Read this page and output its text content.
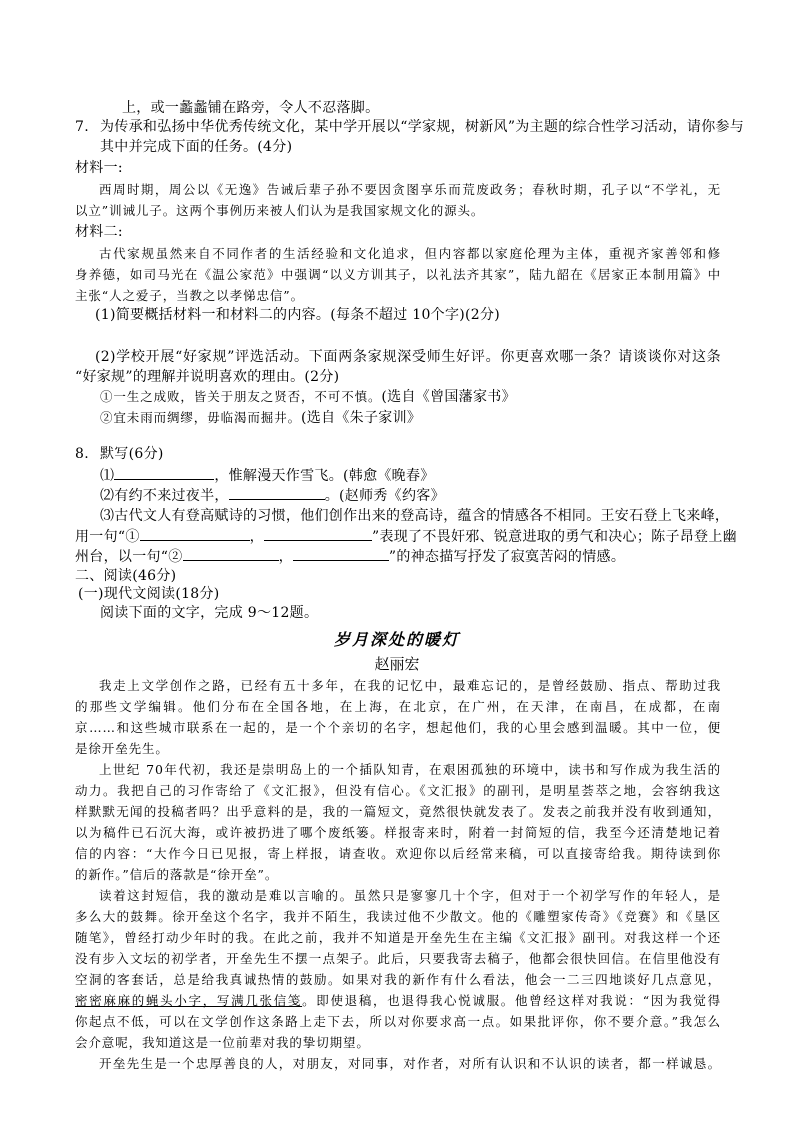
上，或一蠡蠡铺在路旁，令人不忍落脚。
7. 为传承和弘扬中华优秀传统文化，某中学开展以“学家规，树新风”为主题的综合性学习活动，请你参与
其中并完成下面的任务。(4分)
材料一:
西周时期，周公以《无逸》告诫后辈子孙不要因贪图享乐而荒废政务；春秋时期，孔子以“不学礼，无
以立”训诫儿子。这两个事例历来被人们认为是我国家规文化的源头。
材料二:
古代家规虽然来自不同作者的生活经验和文化追求，但内容都以家庭伦理为主体，重视齐家善邻和修
身养德，如司马光在《温公家范》中强调“以义方训其子，以礼法齐其家”，陆九韶在《居家正本制用篇》中
主张“人之爱子，当教之以孝悌忠信”。
(1)简要概括材料一和材料二的内容。(每条不超过 10个字)(2分)
(2)学校开展“好家规”评选活动。下面两条家规深受师生好评。你更喜欢哪一条？请谈谈你对这条
“好家规”的理解并说明喜欢的理由。(2分)
①一生之成败，皆关于朋友之贤否，不可不慎。(选自《曾国藩家书》
②宜未雨而绸缪，毋临渴而掘井。(选自《朱子家训》
8. 默写(6分)
⑴	，惟解漫天作雪飞。(韩愈《晚春》
⑵有约不来过夜半，	。(赵师秀《约客》
⑶古代文人有登高赋诗的习惯，他们创作出来的登高诗，蕴含的情感各不相同。王安石登上飞来峰，
用一句“①	，	”表现了不畏奸邪、锐意进取的勇气和决心；陈子昂登上幽
州台，以一句“②	，	”的神态描写抒发了寂寞苦闷的情感。
二、阅读(46分)
(一)现代文阅读(18分)
阅读下面的文字，完成 9～12题。
岁月深处的暖灯
赵丽宏
我走上文学创作之路，已经有五十多年，在我的记忆中，最难忘记的，是曾经鼓励、指点、帮助过我
的那些文学编辑。他们分布在全国各地，在上海，在北京，在广州，在天津，在南昌，在成都，在南
京……和这些城市联系在一起的，是一个个亲切的名字，想起他们，我的心里会感到温暖。其中一位，便
是徐开垒先生。
上世纪 70年代初，我还是崇明岛上的一个插队知青，在艰困孤独的环境中，读书和写作成为我生活的
动力。我把自己的习作寄给了《文汇报》，但没有信心。《文汇报》的副刊，是明星荟萃之地，会容纳我这
样默默无闻的投稿者吗？出乎意料的是，我的一篇短文，竟然很快就发表了。发表之前我并没有收到通知，
以为稿件已石沉大海，或许被扔进了哪个废纸篓。样报寄来时，附着一封简短的信，我至今还清楚地记着
信的内容：“大作今日已见报，寄上样报，请查收。欢迎你以后经常来稿，可以直接寄给我。期待读到你
的新作。”信后的落款是“徐开垒”。
读着这封短信，我的激动是难以言喻的。虽然只是寥寥几十个字，但对于一个初学写作的年轻人，是
多么大的鼓舞。徐开垒这个名字，我并不陌生，我读过他不少散文。他的《雕塑家传奇》《竞赛》和《垦区
随笔》，曾经打动少年时的我。在此之前，我并不知道是开垒先生在主编《文汇报》副刊。对我这样一个还
没有步入文坛的初学者，开垒先生不摆一点架子。此后，只要我寄去稿子，他都会很快回信。在信里他没有
空洞的客套话，总是给我真诚热情的鼓励。如果对我的新作有什么看法，他会一二三四地谈好几点意见，
密密麻麻的蝇头小字，写满几张信笺。即使退稿，也退得我心悦诚服。他曾经这样对我说：“因为我觉得
你起点不低，可以在文学创作这条路上走下去，所以对你要求高一点。如果批评你，你不要介意。”我怎么
会介意呢，我知道这是一位前辈对我的挚切期望。
开垒先生是一个忠厚善良的人，对朋友，对同事，对作者，对所有认识和不认识的读者，都一样诚恳。
